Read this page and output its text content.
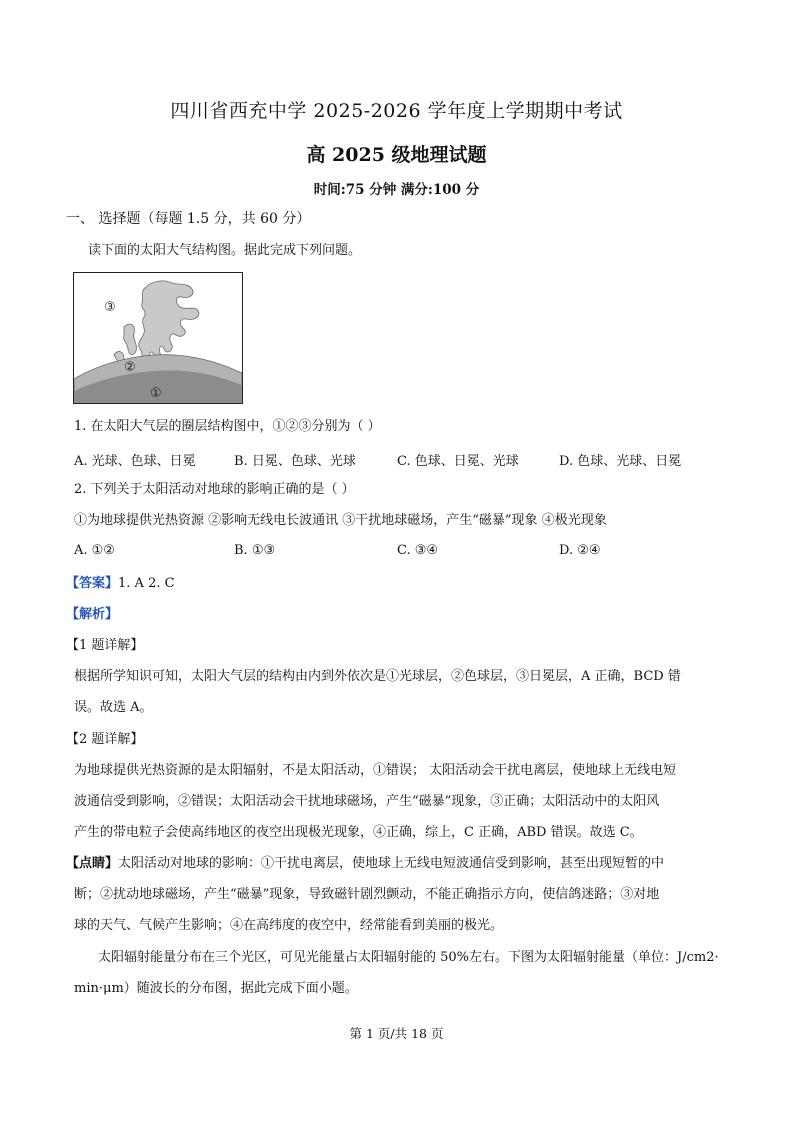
四川省西充中学 2025-2026 学年度上学期期中考试
高 2025 级地理试题
时间:75 分钟 满分:100 分
一、 选择题（每题 1.5 分，共 60 分）
读下面的太阳大气结构图。据此完成下列问题。
③
②
①
1. 在太阳大气层的圈层结构图中，①②③分别为（ ）
A. 光球、色球、日冕	B. 日冕、色球、光球	C. 色球、日冕、光球	D. 色球、光球、日冕
2. 下列关于太阳活动对地球的影响正确的是（ ）
①为地球提供光热资源 ②影响无线电长波通讯 ③干扰地球磁场，产生“磁暴”现象 ④极光现象
A. ①②	B. ①③	C. ③④	D. ②④
【答案】1. A 2. C
【解析】
【1 题详解】
根据所学知识可知，太阳大气层的结构由内到外依次是①光球层，②色球层，③日冕层，A 正确，BCD 错
误。故选 A。
【2 题详解】
为地球提供光热资源的是太阳辐射，不是太阳活动，①错误； 太阳活动会干扰电离层，使地球上无线电短
波通信受到影响，②错误；太阳活动会干扰地球磁场，产生“磁暴”现象，③正确；太阳活动中的太阳风
产生的带电粒子会使高纬地区的夜空出现极光现象，④正确，综上，C 正确，ABD 错误。故选 C。
【点睛】太阳活动对地球的影响：①干扰电离层，使地球上无线电短波通信受到影响，甚至出现短暂的中
断；②扰动地球磁场，产生“磁暴”现象，导致磁针剧烈颤动，不能正确指示方向，使信鸽迷路；③对地
球的天气、气候产生影响；④在高纬度的夜空中，经常能看到美丽的极光。
太阳辐射能量分布在三个光区，可见光能量占太阳辐射能的 50%左右。下图为太阳辐射能量（单位：J/cm2·
min·μm）随波长的分布图，据此完成下面小题。
第 1 页/共 18 页
